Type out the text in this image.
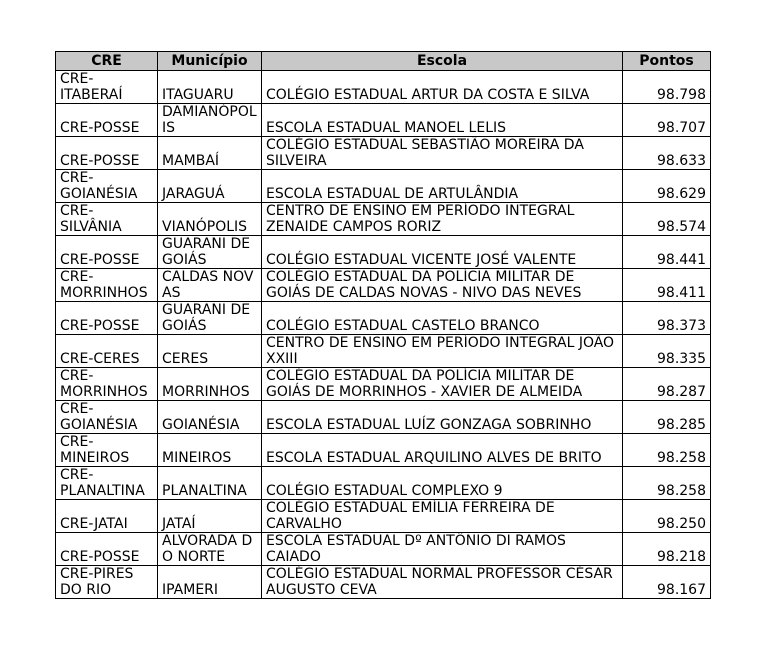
CRE	Município	Escola	Pontos
CRE-ITABERAÍ	ITAGUARU	COLÉGIO ESTADUAL ARTUR DA COSTA E SILVA	98.798
CRE-POSSE	DAMIANÓPOLIS	ESCOLA ESTADUAL MANOEL LELIS	98.707
CRE-POSSE	MAMBAÍ	COLÉGIO ESTADUAL SEBASTIÃO MOREIRA DA SILVEIRA	98.633
CRE-GOIANÉSIA	JARAGUÁ	ESCOLA ESTADUAL DE ARTULÂNDIA	98.629
CRE-SILVÂNIA	VIANÓPOLIS	CENTRO DE ENSINO EM PERÍODO INTEGRAL ZENAIDE CAMPOS RORIZ	98.574
CRE-POSSE	GUARANI DE GOIÁS	COLÉGIO ESTADUAL VICENTE JOSÉ VALENTE	98.441
CRE-MORRINHOS	CALDAS NOVAS	COLÉGIO ESTADUAL DA POLÍCIA MILITAR DE GOIÁS DE CALDAS NOVAS - NIVO DAS NEVES	98.411
CRE-POSSE	GUARANI DE GOIÁS	COLÉGIO ESTADUAL CASTELO BRANCO	98.373
CRE-CERES	CERES	CENTRO DE ENSINO EM PERÍODO INTEGRAL JOÃO XXIII	98.335
CRE-MORRINHOS	MORRINHOS	COLÉGIO ESTADUAL DA POLÍCIA MILITAR DE GOIÁS DE MORRINHOS - XAVIER DE ALMEIDA	98.287
CRE-GOIANÉSIA	GOIANÉSIA	ESCOLA ESTADUAL LUÍZ GONZAGA SOBRINHO	98.285
CRE-MINEIROS	MINEIROS	ESCOLA ESTADUAL ARQUILINO ALVES DE BRITO	98.258
CRE-PLANALTINA	PLANALTINA	COLÉGIO ESTADUAL COMPLEXO 9	98.258
CRE-JATAI	JATAÍ	COLÉGIO ESTADUAL EMÍLIA FERREIRA DE CARVALHO	98.250
CRE-POSSE	ALVORADA DO NORTE	ESCOLA ESTADUAL Dº ANTÔNIO DI RAMOS CAIADO	98.218
CRE-PIRES DO RIO	IPAMERI	COLÉGIO ESTADUAL NORMAL PROFESSOR CÉSAR AUGUSTO CEVA	98.167
